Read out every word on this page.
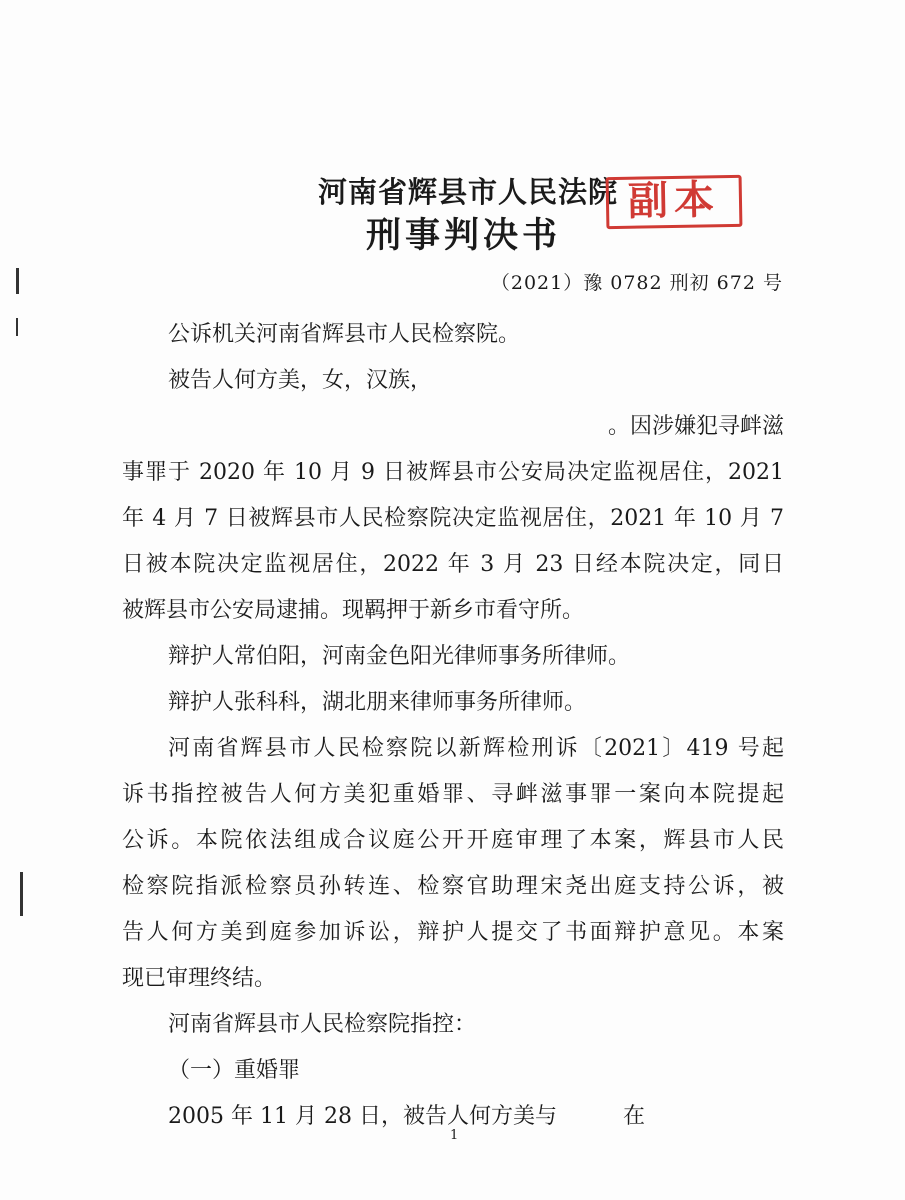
河南省辉县市人民法院
刑事判决书
副本
（2021）豫 0782 刑初 672 号
公诉机关河南省辉县市人民检察院。
被告人何方美，女，汉族，
。因涉嫌犯寻衅滋
事罪于 2020 年 10 月 9 日被辉县市公安局决定监视居住，2021
年 4 月 7 日被辉县市人民检察院决定监视居住，2021 年 10 月 7
日被本院决定监视居住，2022 年 3 月 23 日经本院决定，同日
被辉县市公安局逮捕。现羁押于新乡市看守所。
辩护人常伯阳，河南金色阳光律师事务所律师。
辩护人张科科，湖北朋来律师事务所律师。
河南省辉县市人民检察院以新辉检刑诉〔2021〕419 号起
诉书指控被告人何方美犯重婚罪、寻衅滋事罪一案向本院提起
公诉。本院依法组成合议庭公开开庭审理了本案，辉县市人民
检察院指派检察员孙转连、检察官助理宋尧出庭支持公诉，被
告人何方美到庭参加诉讼，辩护人提交了书面辩护意见。本案
现已审理终结。
河南省辉县市人民检察院指控：
（一）重婚罪
2005 年 11 月 28 日，被告人何方美与	在
1
